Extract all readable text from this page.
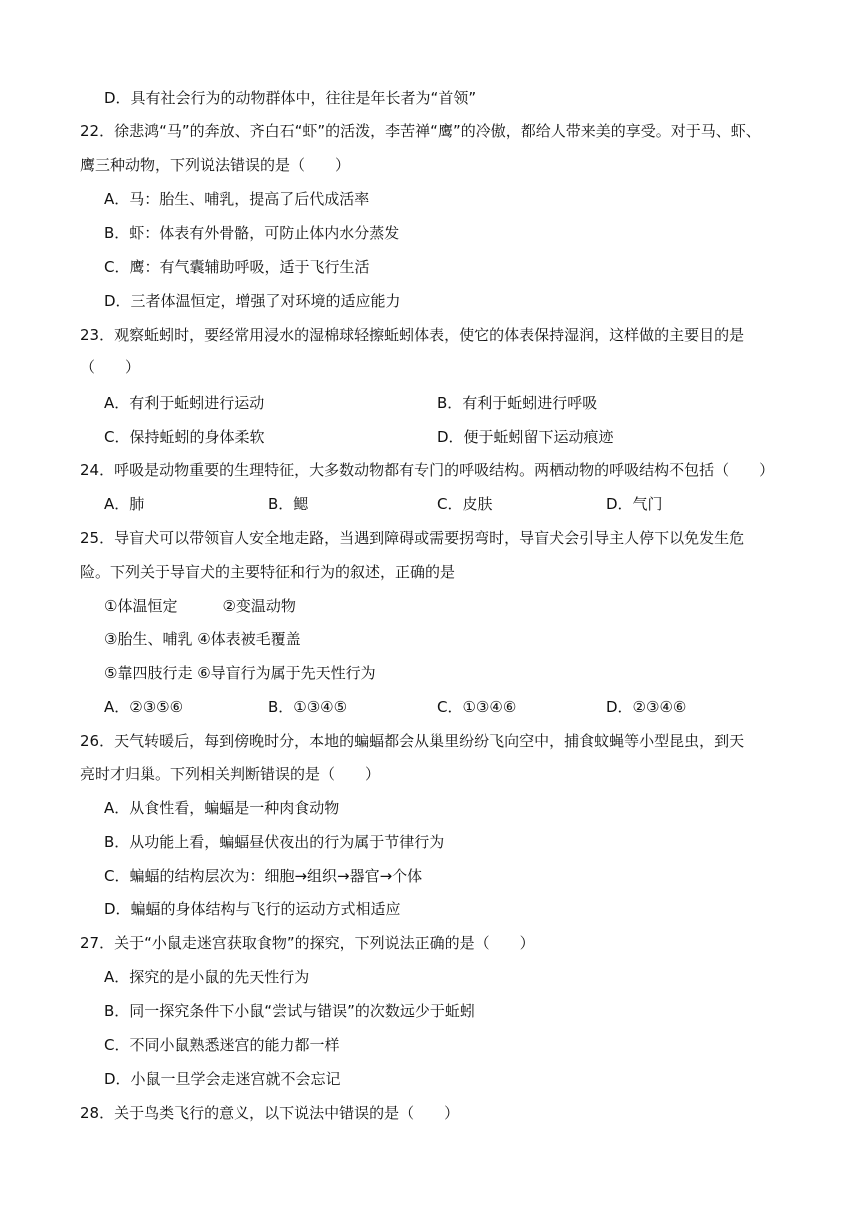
D．具有社会行为的动物群体中，往往是年长者为“首领”
22．徐悲鸿“马”的奔放、齐白石“虾”的活泼，李苦禅“鹰”的冷傲，都给人带来美的享受。对于马、虾、
鹰三种动物，下列说法错误的是（　　）
A．马：胎生、哺乳，提高了后代成活率
B．虾：体表有外骨骼，可防止体内水分蒸发
C．鹰：有气囊辅助呼吸，适于飞行生活
D．三者体温恒定，增强了对环境的适应能力
23．观察蚯蚓时，要经常用浸水的湿棉球轻擦蚯蚓体表，使它的体表保持湿润，这样做的主要目的是
（　　）
A．有利于蚯蚓进行运动	B．有利于蚯蚓进行呼吸
C．保持蚯蚓的身体柔软	D．便于蚯蚓留下运动痕迹
24．呼吸是动物重要的生理特征，大多数动物都有专门的呼吸结构。两栖动物的呼吸结构不包括（　　）
A．肺	B．鳃	C．皮肤	D．气门
25．导盲犬可以带领盲人安全地走路，当遇到障碍或需要拐弯时，导盲犬会引导主人停下以免发生危
险。下列关于导盲犬的主要特征和行为的叙述，正确的是
①体温恒定　　　②变温动物
③胎生、哺乳 ④体表被毛覆盖
⑤靠四肢行走 ⑥导盲行为属于先天性行为
A．②③⑤⑥	B．①③④⑤	C．①③④⑥	D．②③④⑥
26．天气转暖后，每到傍晚时分，本地的蝙蝠都会从巢里纷纷飞向空中，捕食蚊蝇等小型昆虫，到天
亮时才归巢。下列相关判断错误的是（　　）
A．从食性看，蝙蝠是一种肉食动物
B．从功能上看，蝙蝠昼伏夜出的行为属于节律行为
C．蝙蝠的结构层次为：细胞→组织→器官→个体
D．蝙蝠的身体结构与飞行的运动方式相适应
27．关于“小鼠走迷宫获取食物”的探究，下列说法正确的是（　　）
A．探究的是小鼠的先天性行为
B．同一探究条件下小鼠“尝试与错误”的次数远少于蚯蚓
C．不同小鼠熟悉迷宫的能力都一样
D．小鼠一旦学会走迷宫就不会忘记
28．关于鸟类飞行的意义，以下说法中错误的是（　　）
